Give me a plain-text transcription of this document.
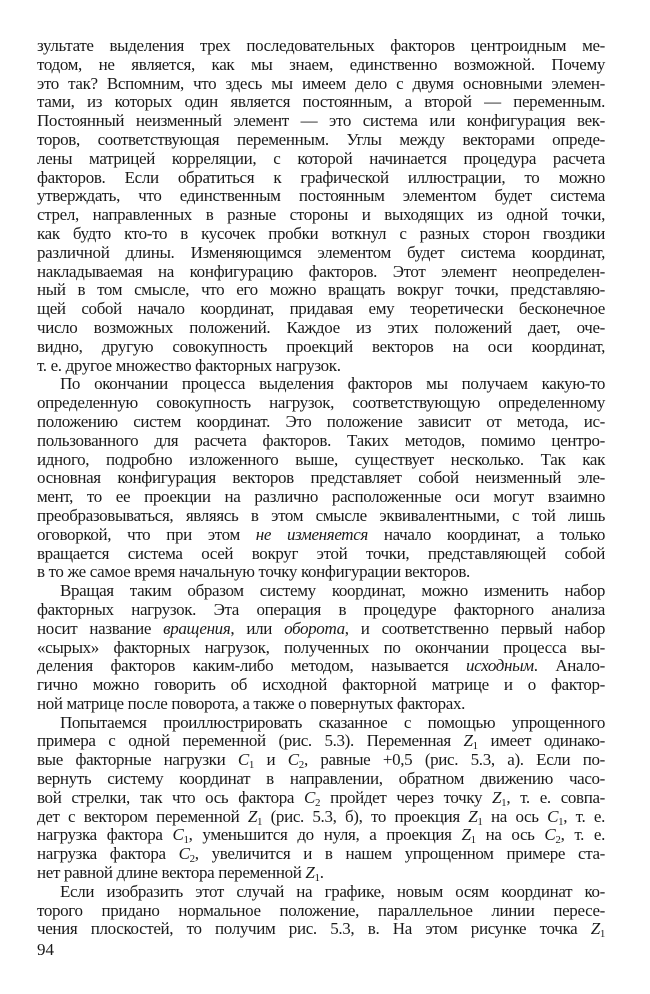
зультате выделения трех последовательных факторов центроидным ме-
тодом, не является, как мы знаем, единственно возможной. Почему
это так? Вспомним, что здесь мы имеем дело с двумя основными элемен-
тами, из которых один является постоянным, а второй — переменным.
Постоянный неизменный элемент — это система или конфигурация век-
торов, соответствующая переменным. Углы между векторами опреде-
лены матрицей корреляции, с которой начинается процедура расчета
факторов. Если обратиться к графической иллюстрации, то можно
утверждать, что единственным постоянным элементом будет система
стрел, направленных в разные стороны и выходящих из одной точки,
как будто кто-то в кусочек пробки воткнул с разных сторон гвоздики
различной длины. Изменяющимся элементом будет система координат,
накладываемая на конфигурацию факторов. Этот элемент неопределен-
ный в том смысле, что его можно вращать вокруг точки, представляю-
щей собой начало координат, придавая ему теоретически бесконечное
число возможных положений. Каждое из этих положений дает, оче-
видно, другую совокупность проекций векторов на оси координат,
т. е. другое множество факторных нагрузок.
По окончании процесса выделения факторов мы получаем какую-то
определенную совокупность нагрузок, соответствующую определенному
положению систем координат. Это положение зависит от метода, ис-
пользованного для расчета факторов. Таких методов, помимо центро-
идного, подробно изложенного выше, существует несколько. Так как
основная конфигурация векторов представляет собой неизменный эле-
мент, то ее проекции на различно расположенные оси могут взаимно
преобразовываться, являясь в этом смысле эквивалентными, с той лишь
оговоркой, что при этом не изменяется начало координат, а только
вращается система осей вокруг этой точки, представляющей собой
в то же самое время начальную точку конфигурации векторов.
Вращая таким образом систему координат, можно изменить набор
факторных нагрузок. Эта операция в процедуре факторного анализа
носит название вращения, или оборота, и соответственно первый набор
«сырых» факторных нагрузок, полученных по окончании процесса вы-
деления факторов каким-либо методом, называется исходным. Анало-
гично можно говорить об исходной факторной матрице и о фактор-
ной матрице после поворота, а также о повернутых факторах.
Попытаемся проиллюстрировать сказанное с помощью упрощенного
примера с одной переменной (рис. 5.3). Переменная $Z_1$ имеет одинако-
вые факторные нагрузки $C_1$ и $C_2$, равные +0,5 (рис. 5.3, а). Если по-
вернуть систему координат в направлении, обратном движению часо-
вой стрелки, так что ось фактора $C_2$ пройдет через точку $Z_1$, т. е. совпа-
дет с вектором переменной $Z_1$ (рис. 5.3, б), то проекция $Z_1$ на ось $C_1$, т. е.
нагрузка фактора $C_1$, уменьшится до нуля, а проекция $Z_1$ на ось $C_2$, т. е.
нагрузка фактора $C_2$, увеличится и в нашем упрощенном примере ста-
нет равной длине вектора переменной $Z_1$.
Если изобразить этот случай на графике, новым осям координат ко-
торого придано нормальное положение, параллельное линии пересе-
чения плоскостей, то получим рис. 5.3, в. На этом рисунке точка $Z_1$
94
